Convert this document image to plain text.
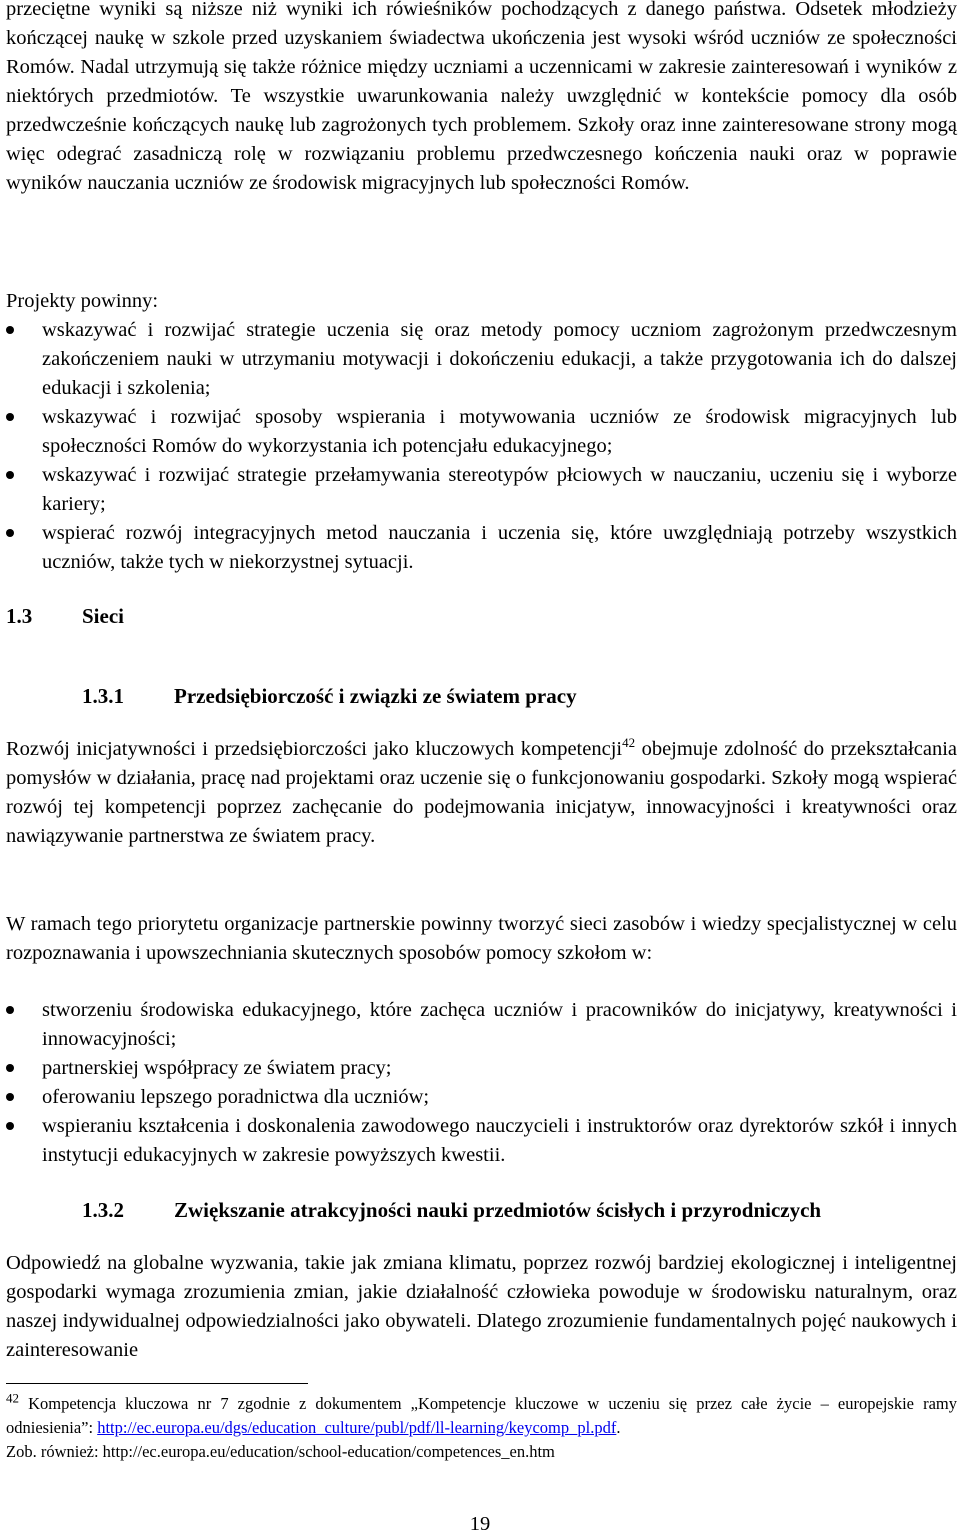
przeciętne wyniki są niższe niż wyniki ich rówieśników pochodzących z danego państwa. Odsetek młodzieży kończącej naukę w szkole przed uzyskaniem świadectwa ukończenia jest wysoki wśród uczniów ze społeczności Romów. Nadal utrzymują się także różnice między uczniami a uczennicami w zakresie zainteresowań i wyników z niektórych przedmiotów. Te wszystkie uwarunkowania należy uwzględnić w kontekście pomocy dla osób przedwcześnie kończących naukę lub zagrożonych tych problemem. Szkoły oraz inne zainteresowane strony mogą więc odegrać zasadniczą rolę w rozwiązaniu problemu przedwczesnego kończenia nauki oraz w poprawie wyników nauczania uczniów ze środowisk migracyjnych lub społeczności Romów.
Projekty powinny:
wskazywać i rozwijać strategie uczenia się oraz metody pomocy uczniom zagrożonym przedwczesnym zakończeniem nauki w utrzymaniu motywacji i dokończeniu edukacji, a także przygotowania ich do dalszej edukacji i szkolenia;
wskazywać i rozwijać sposoby wspierania i motywowania uczniów ze środowisk migracyjnych lub społeczności Romów do wykorzystania ich potencjału edukacyjnego;
wskazywać i rozwijać strategie przełamywania stereotypów płciowych w nauczaniu, uczeniu się i wyborze kariery;
wspierać rozwój integracyjnych metod nauczania i uczenia się, które uwzględniają potrzeby wszystkich uczniów, także tych w niekorzystnej sytuacji.
1.3 Sieci
1.3.1 Przedsiębiorczość i związki ze światem pracy
Rozwój inicjatywności i przedsiębiorczości jako kluczowych kompetencji$^{42}$ obejmuje zdolność do przekształcania pomysłów w działania, pracę nad projektami oraz uczenie się o funkcjonowaniu gospodarki. Szkoły mogą wspierać rozwój tej kompetencji poprzez zachęcanie do podejmowania inicjatyw, innowacyjności i kreatywności oraz nawiązywanie partnerstwa ze światem pracy.
W ramach tego priorytetu organizacje partnerskie powinny tworzyć sieci zasobów i wiedzy specjalistycznej w celu rozpoznawania i upowszechniania skutecznych sposobów pomocy szkołom w:
stworzeniu środowiska edukacyjnego, które zachęca uczniów i pracowników do inicjatywy, kreatywności i innowacyjności;
partnerskiej współpracy ze światem pracy;
oferowaniu lepszego poradnictwa dla uczniów;
wspieraniu kształcenia i doskonalenia zawodowego nauczycieli i instruktorów oraz dyrektorów szkół i innych instytucji edukacyjnych w zakresie powyższych kwestii.
1.3.2 Zwiększanie atrakcyjności nauki przedmiotów ścisłych i przyrodniczych
Odpowiedź na globalne wyzwania, takie jak zmiana klimatu, poprzez rozwój bardziej ekologicznej i inteligentnej gospodarki wymaga zrozumienia zmian, jakie działalność człowieka powoduje w środowisku naturalnym, oraz naszej indywidualnej odpowiedzialności jako obywateli. Dlatego zrozumienie fundamentalnych pojęć naukowych i zainteresowanie
$^{42}$ Kompetencja kluczowa nr 7 zgodnie z dokumentem „Kompetencje kluczowe w uczeniu się przez całe życie – europejskie ramy odniesienia”: http://ec.europa.eu/dgs/education_culture/publ/pdf/ll-learning/keycomp_pl.pdf.
Zob. również: http://ec.europa.eu/education/school-education/competences_en.htm
19
